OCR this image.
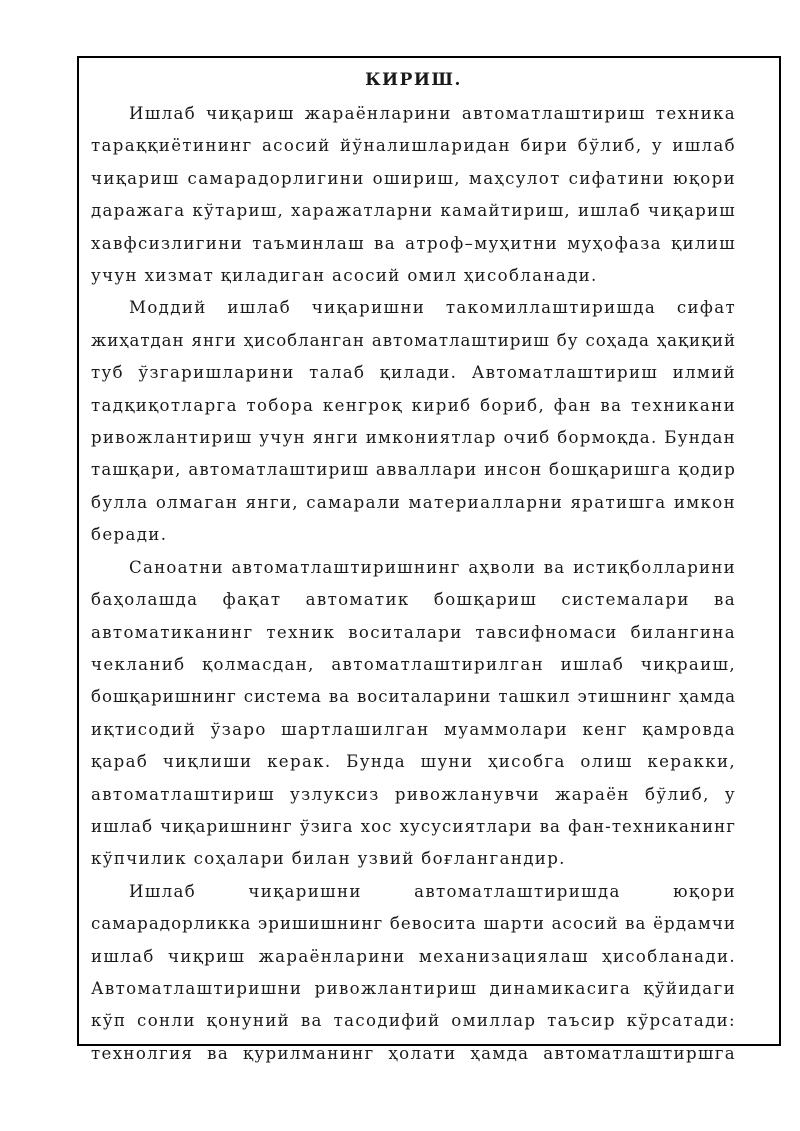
КИРИШ.
Ишлаб чиқариш жараёнларини автоматлаштириш техника
тараққиётининг асосий йўналишларидан бири бўлиб, у ишлаб
чиқариш самарадорлигини ошириш, маҳсулот сифатини юқори
даражага кўтариш, харажатларни камайтириш, ишлаб чиқариш
хавфсизлигини таъминлаш ва атроф–муҳитни муҳофаза қилиш
учун хизмат қиладиган асосий омил ҳисобланади.
Моддий ишлаб чиқаришни такомиллаштиришда сифат
жиҳатдан янги ҳисобланган автоматлаштириш бу соҳада ҳақиқий
туб ўзгаришларини талаб қилади. Автоматлаштириш илмий
тадқиқотларга тобора кенгроқ кириб бориб, фан ва техникани
ривожлантириш учун янги имкониятлар очиб бормоқда. Бундан
ташқари, автоматлаштириш авваллари инсон бошқаришга қодир
булла олмаган янги, самарали материалларни яратишга имкон
беради.
Саноатни автоматлаштиришнинг аҳволи ва истиқболларини
баҳолашда фақат автоматик бошқариш системалари ва
автоматиканинг техник воситалари тавсифномаси билангина
чекланиб қолмасдан, автоматлаштирилган ишлаб чиқраиш,
бошқаришнинг система ва воситаларини ташкил этишнинг ҳамда
иқтисодий ўзаро шартлашилган муаммолари кенг қамровда
қараб чиқлиши керак. Бунда шуни ҳисобга олиш керакки,
автоматлаштириш узлуксиз ривожланувчи жараён бўлиб, у
ишлаб чиқаришнинг ўзига хос хусусиятлари ва фан-техниканинг
кўпчилик соҳалари билан узвий боғлангандир.
Ишлаб чиқаришни автоматлаштиришда юқори
самарадорликка эришишнинг бевосита шарти асосий ва ёрдамчи
ишлаб чиқриш жараёнларини механизациялаш ҳисобланади.
Автоматлаштиришни ривожлантириш динамикасига қўйидаги
кўп сонли қонуний ва тасодифий омиллар таъсир кўрсатади:
технолгия ва қурилманинг ҳолати ҳамда автоматлаштиршга
